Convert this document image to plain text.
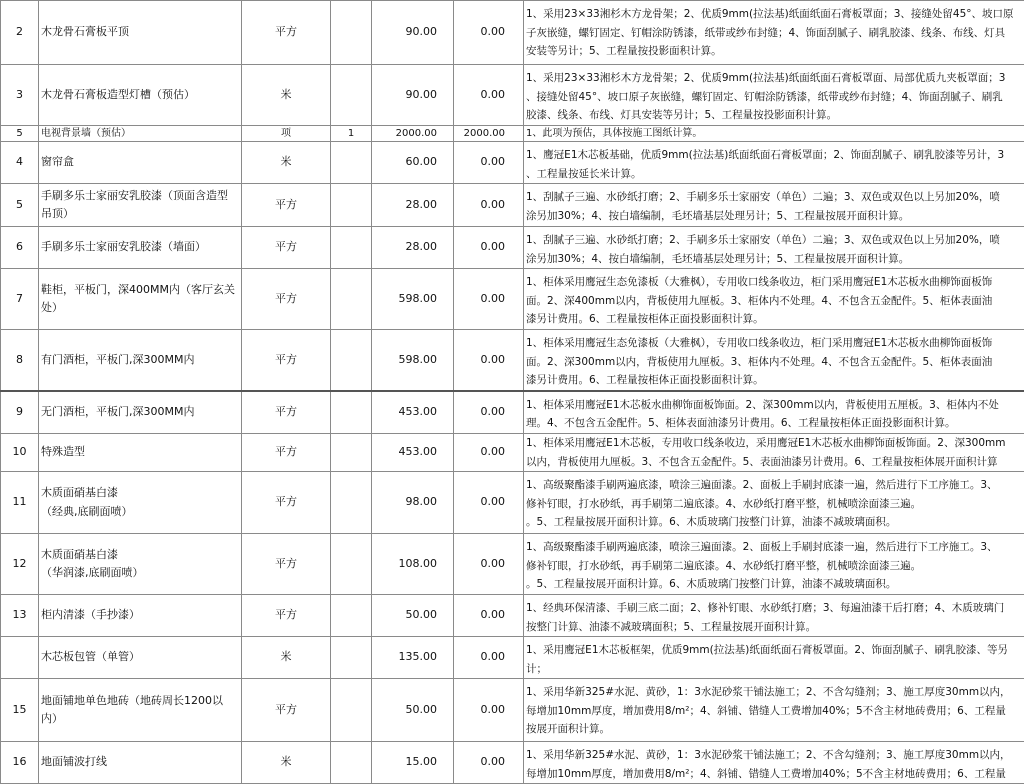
2	木龙骨石膏板平顶	平方		90.00	0.00	1、采用23×33湘杉木方龙骨架；2、优质9mm(拉法基)纸面纸面石膏板罩面；3、接缝处留45°、坡口原
子灰嵌缝，螺钉固定、钉帽涂防锈漆，纸带或纱布封缝；4、饰面刮腻子、刷乳胶漆、线条、布线、灯具
安装等另计；5、工程量按投影面积计算。
3	木龙骨石膏板造型灯槽（预估）	米		90.00	0.00	1、采用23×33湘杉木方龙骨架；2、优质9mm(拉法基)纸面纸面石膏板罩面、局部优质九夹板罩面；3
、接缝处留45°、坡口原子灰嵌缝，螺钉固定、钉帽涂防锈漆，纸带或纱布封缝；4、饰面刮腻子、刷乳
胶漆、线条、布线、灯具安装等另计；5、工程量按投影面积计算。
5	电视背景墙（预估）	项	1	2000.00	2000.00	1、此项为预估，具体按施工图纸计算。
4	窗帘盒	米		60.00	0.00	1、鹰冠E1木芯板基础，优质9mm(拉法基)纸面纸面石膏板罩面；2、饰面刮腻子、刷乳胶漆等另计，3
、工程量按延长米计算。
5	手刷多乐士家丽安乳胶漆（顶面含造型吊顶）	平方		28.00	0.00	1、刮腻子三遍、水砂纸打磨；2、手刷多乐士家丽安（单色）二遍；3、双色或双色以上另加20%，喷
涂另加30%；4、按白墙编制，毛坯墙基层处理另计；5、工程量按展开面积计算。
6	手刷多乐士家丽安乳胶漆（墙面）	平方		28.00	0.00	1、刮腻子三遍、水砂纸打磨；2、手刷多乐士家丽安（单色）二遍；3、双色或双色以上另加20%，喷
涂另加30%；4、按白墙编制，毛坯墙基层处理另计；5、工程量按展开面积计算。
7	鞋柜，平板门，深400MM内（客厅玄关处）	平方		598.00	0.00	1、柜体采用鹰冠生态免漆板（大雅枫），专用收口线条收边，柜门采用鹰冠E1木芯板水曲柳饰面板饰
面。2、深400mm以内，背板使用九厘板。3、柜体内不处理。4、不包含五金配件。5、柜体表面油
漆另计费用。6、工程量按柜体正面投影面积计算。
8	有门酒柜，平板门,深300MM内	平方		598.00	0.00	1、柜体采用鹰冠生态免漆板（大雅枫），专用收口线条收边，柜门采用鹰冠E1木芯板水曲柳饰面板饰
面。2、深300mm以内，背板使用九厘板。3、柜体内不处理。4、不包含五金配件。5、柜体表面油
漆另计费用。6、工程量按柜体正面投影面积计算。
9	无门酒柜，平板门,深300MM内	平方		453.00	0.00	1、柜体采用鹰冠E1木芯板水曲柳饰面板饰面。2、深300mm以内，背板使用五厘板。3、柜体内不处
理。4、不包含五金配件。5、柜体表面油漆另计费用。6、工程量按柜体正面投影面积计算。
10	特殊造型	平方		453.00	0.00	1、柜体采用鹰冠E1木芯板，专用收口线条收边，采用鹰冠E1木芯板水曲柳饰面板饰面。2、深300mm
以内，背板使用九厘板。3、不包含五金配件。5、表面油漆另计费用。6、工程量按柜体展开面积计算
11	木质面硝基白漆
（经典,底刷面喷）	平方		98.00	0.00	1、高级聚酯漆手刷两遍底漆，喷涂三遍面漆。2、面板上手刷封底漆一遍，然后进行下工序施工。3、
修补钉眼，打水砂纸，再手刷第二遍底漆。4、水砂纸打磨平整，机械喷涂面漆三遍。
。5、工程量按展开面积计算。6、木质玻璃门按整门计算，油漆不减玻璃面积。
12	木质面硝基白漆
（华润漆,底刷面喷）	平方		108.00	0.00	1、高级聚酯漆手刷两遍底漆，喷涂三遍面漆。2、面板上手刷封底漆一遍，然后进行下工序施工。3、
修补钉眼，打水砂纸，再手刷第二遍底漆。4、水砂纸打磨平整，机械喷涂面漆三遍。
。5、工程量按展开面积计算。6、木质玻璃门按整门计算，油漆不减玻璃面积。
13	柜内清漆（手抄漆）	平方		50.00	0.00	1、经典环保清漆、手刷三底二面；2、修补钉眼、水砂纸打磨；3、每遍油漆干后打磨；4、木质玻璃门
按整门计算、油漆不减玻璃面积；5、工程量按展开面积计算。
	木芯板包管（单管）	米		135.00	0.00	1、采用鹰冠E1木芯板框架，优质9mm(拉法基)纸面纸面石膏板罩面。2、饰面刮腻子、刷乳胶漆、等另
计；
15	地面铺地单色地砖（地砖周长1200以内）	平方		50.00	0.00	1、采用华新325#水泥、黄砂，1：3水泥砂浆干铺法施工；2、不含勾缝剂；3、施工厚度30mm以内，
每增加10mm厚度，增加费用8/m²；4、斜铺、错缝人工费增加40%；5不含主材地砖费用；6、工程量
按展开面积计算。
16	地面铺波打线	米		15.00	0.00	1、采用华新325#水泥、黄砂，1：3水泥砂浆干铺法施工；2、不含勾缝剂；3、施工厚度30mm以内，
每增加10mm厚度，增加费用8/m²；4、斜铺、错缝人工费增加40%；5不含主材地砖费用；6、工程量
